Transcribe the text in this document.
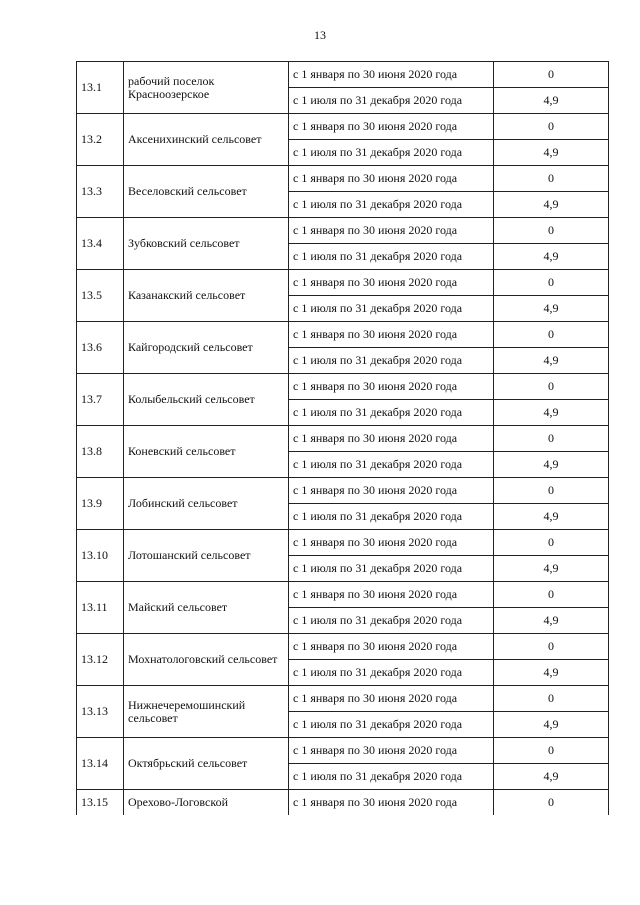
13
13.1	рабочий поселок Красноозерское	с 1 января по 30 июня 2020 года	0
		с 1 июля по 31 декабря 2020 года	4,9
13.2	Аксенихинский сельсовет	с 1 января по 30 июня 2020 года	0
		с 1 июля по 31 декабря 2020 года	4,9
13.3	Веселовский сельсовет	с 1 января по 30 июня 2020 года	0
		с 1 июля по 31 декабря 2020 года	4,9
13.4	Зубковский сельсовет	с 1 января по 30 июня 2020 года	0
		с 1 июля по 31 декабря 2020 года	4,9
13.5	Казанакский сельсовет	с 1 января по 30 июня 2020 года	0
		с 1 июля по 31 декабря 2020 года	4,9
13.6	Кайгородский сельсовет	с 1 января по 30 июня 2020 года	0
		с 1 июля по 31 декабря 2020 года	4,9
13.7	Колыбельский сельсовет	с 1 января по 30 июня 2020 года	0
		с 1 июля по 31 декабря 2020 года	4,9
13.8	Коневский сельсовет	с 1 января по 30 июня 2020 года	0
		с 1 июля по 31 декабря 2020 года	4,9
13.9	Лобинский сельсовет	с 1 января по 30 июня 2020 года	0
		с 1 июля по 31 декабря 2020 года	4,9
13.10	Лотошанский сельсовет	с 1 января по 30 июня 2020 года	0
		с 1 июля по 31 декабря 2020 года	4,9
13.11	Майский сельсовет	с 1 января по 30 июня 2020 года	0
		с 1 июля по 31 декабря 2020 года	4,9
13.12	Мохнатологовский сельсовет	с 1 января по 30 июня 2020 года	0
		с 1 июля по 31 декабря 2020 года	4,9
13.13	Нижнечеремошинский сельсовет	с 1 января по 30 июня 2020 года	0
		с 1 июля по 31 декабря 2020 года	4,9
13.14	Октябрьский сельсовет	с 1 января по 30 июня 2020 года	0
		с 1 июля по 31 декабря 2020 года	4,9
13.15	Орехово-Логовской	с 1 января по 30 июня 2020 года	0
